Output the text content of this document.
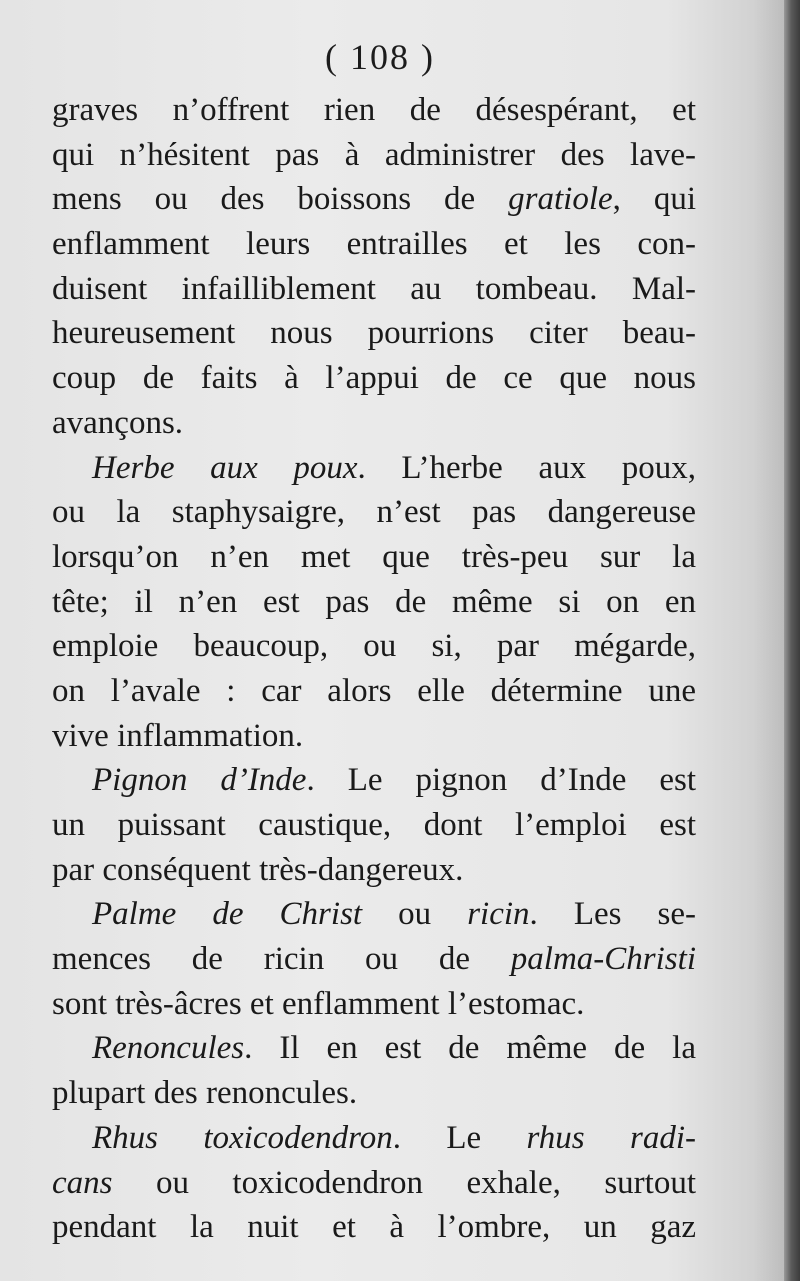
( 108 )

graves n’offrent rien de désespérant, et
qui n’hésitent pas à administrer des lave-
mens ou des boissons de gratiole, qui
enflamment leurs entrailles et les con-
duisent infailliblement au tombeau. Mal-
heureusement nous pourrions citer beau-
coup de faits à l’appui de ce que nous
avançons.
Herbe aux poux. L’herbe aux poux,
ou la staphysaigre, n’est pas dangereuse
lorsqu’on n’en met que très-peu sur la
tête; il n’en est pas de même si on en
emploie beaucoup, ou si, par mégarde,
on l’avale : car alors elle détermine une
vive inflammation.
Pignon d’Inde. Le pignon d’Inde est
un puissant caustique, dont l’emploi est
par conséquent très-dangereux.
Palme de Christ ou ricin. Les se-
mences de ricin ou de palma-Christi
sont très-âcres et enflamment l’estomac.
Renoncules. Il en est de même de la
plupart des renoncules.
Rhus toxicodendron. Le rhus radi-
cans ou toxicodendron exhale, surtout
pendant la nuit et à l’ombre, un gaz
